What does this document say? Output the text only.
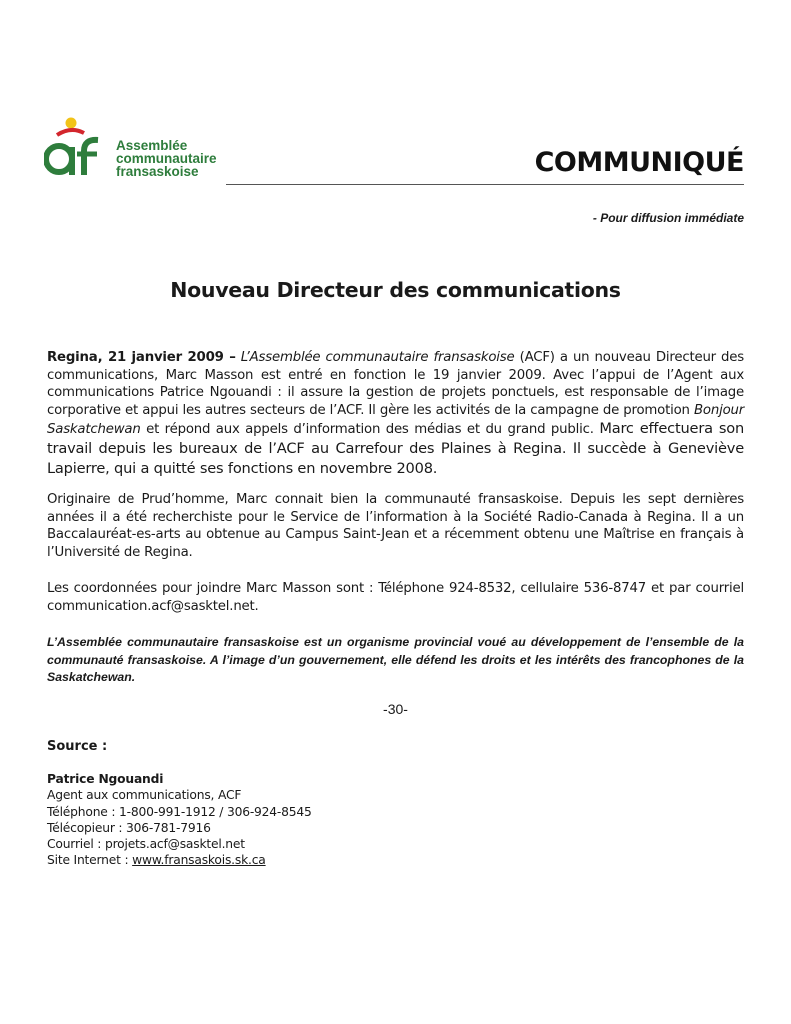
Assemblée
communautaire
fransaskoise	COMMUNIQUÉ
- Pour diffusion immédiate
Nouveau Directeur des communications

Regina, 21 janvier 2009 – L’Assemblée communautaire fransaskoise (ACF) a un nouveau Directeur des communications, Marc Masson est entré en fonction le 19 janvier 2009. Avec l’appui de l’Agent aux communications Patrice Ngouandi : il assure la gestion de projets ponctuels, est responsable de l’image corporative et appui les autres secteurs de l’ACF. Il gère les activités de la campagne de promotion Bonjour Saskatchewan et répond aux appels d’information des médias et du grand public. Marc effectuera son travail depuis les bureaux de l’ACF au Carrefour des Plaines à Regina. Il succède à Geneviève Lapierre, qui a quitté ses fonctions en novembre 2008.

Originaire de Prud’homme, Marc connait bien la communauté fransaskoise. Depuis les sept dernières années il a été recherchiste pour le Service de l’information à la Société Radio-Canada à Regina. Il a un Baccalauréat-es-arts au obtenue au Campus Saint-Jean et a récemment obtenu une Maîtrise en français à l’Université de Regina.

Les coordonnées pour joindre Marc Masson sont : Téléphone 924-8532, cellulaire 536-8747 et par courriel communication.acf@sasktel.net.

L’Assemblée communautaire fransaskoise est un organisme provincial voué au développement de l’ensemble de la communauté fransaskoise. A l’image d’un gouvernement, elle défend les droits et les intérêts des francophones de la Saskatchewan.

-30-
Source :
Patrice Ngouandi
Agent aux communications, ACF
Téléphone : 1-800-991-1912 / 306-924-8545
Télécopieur : 306-781-7916
Courriel : projets.acf@sasktel.net
Site Internet : www.fransaskois.sk.ca
